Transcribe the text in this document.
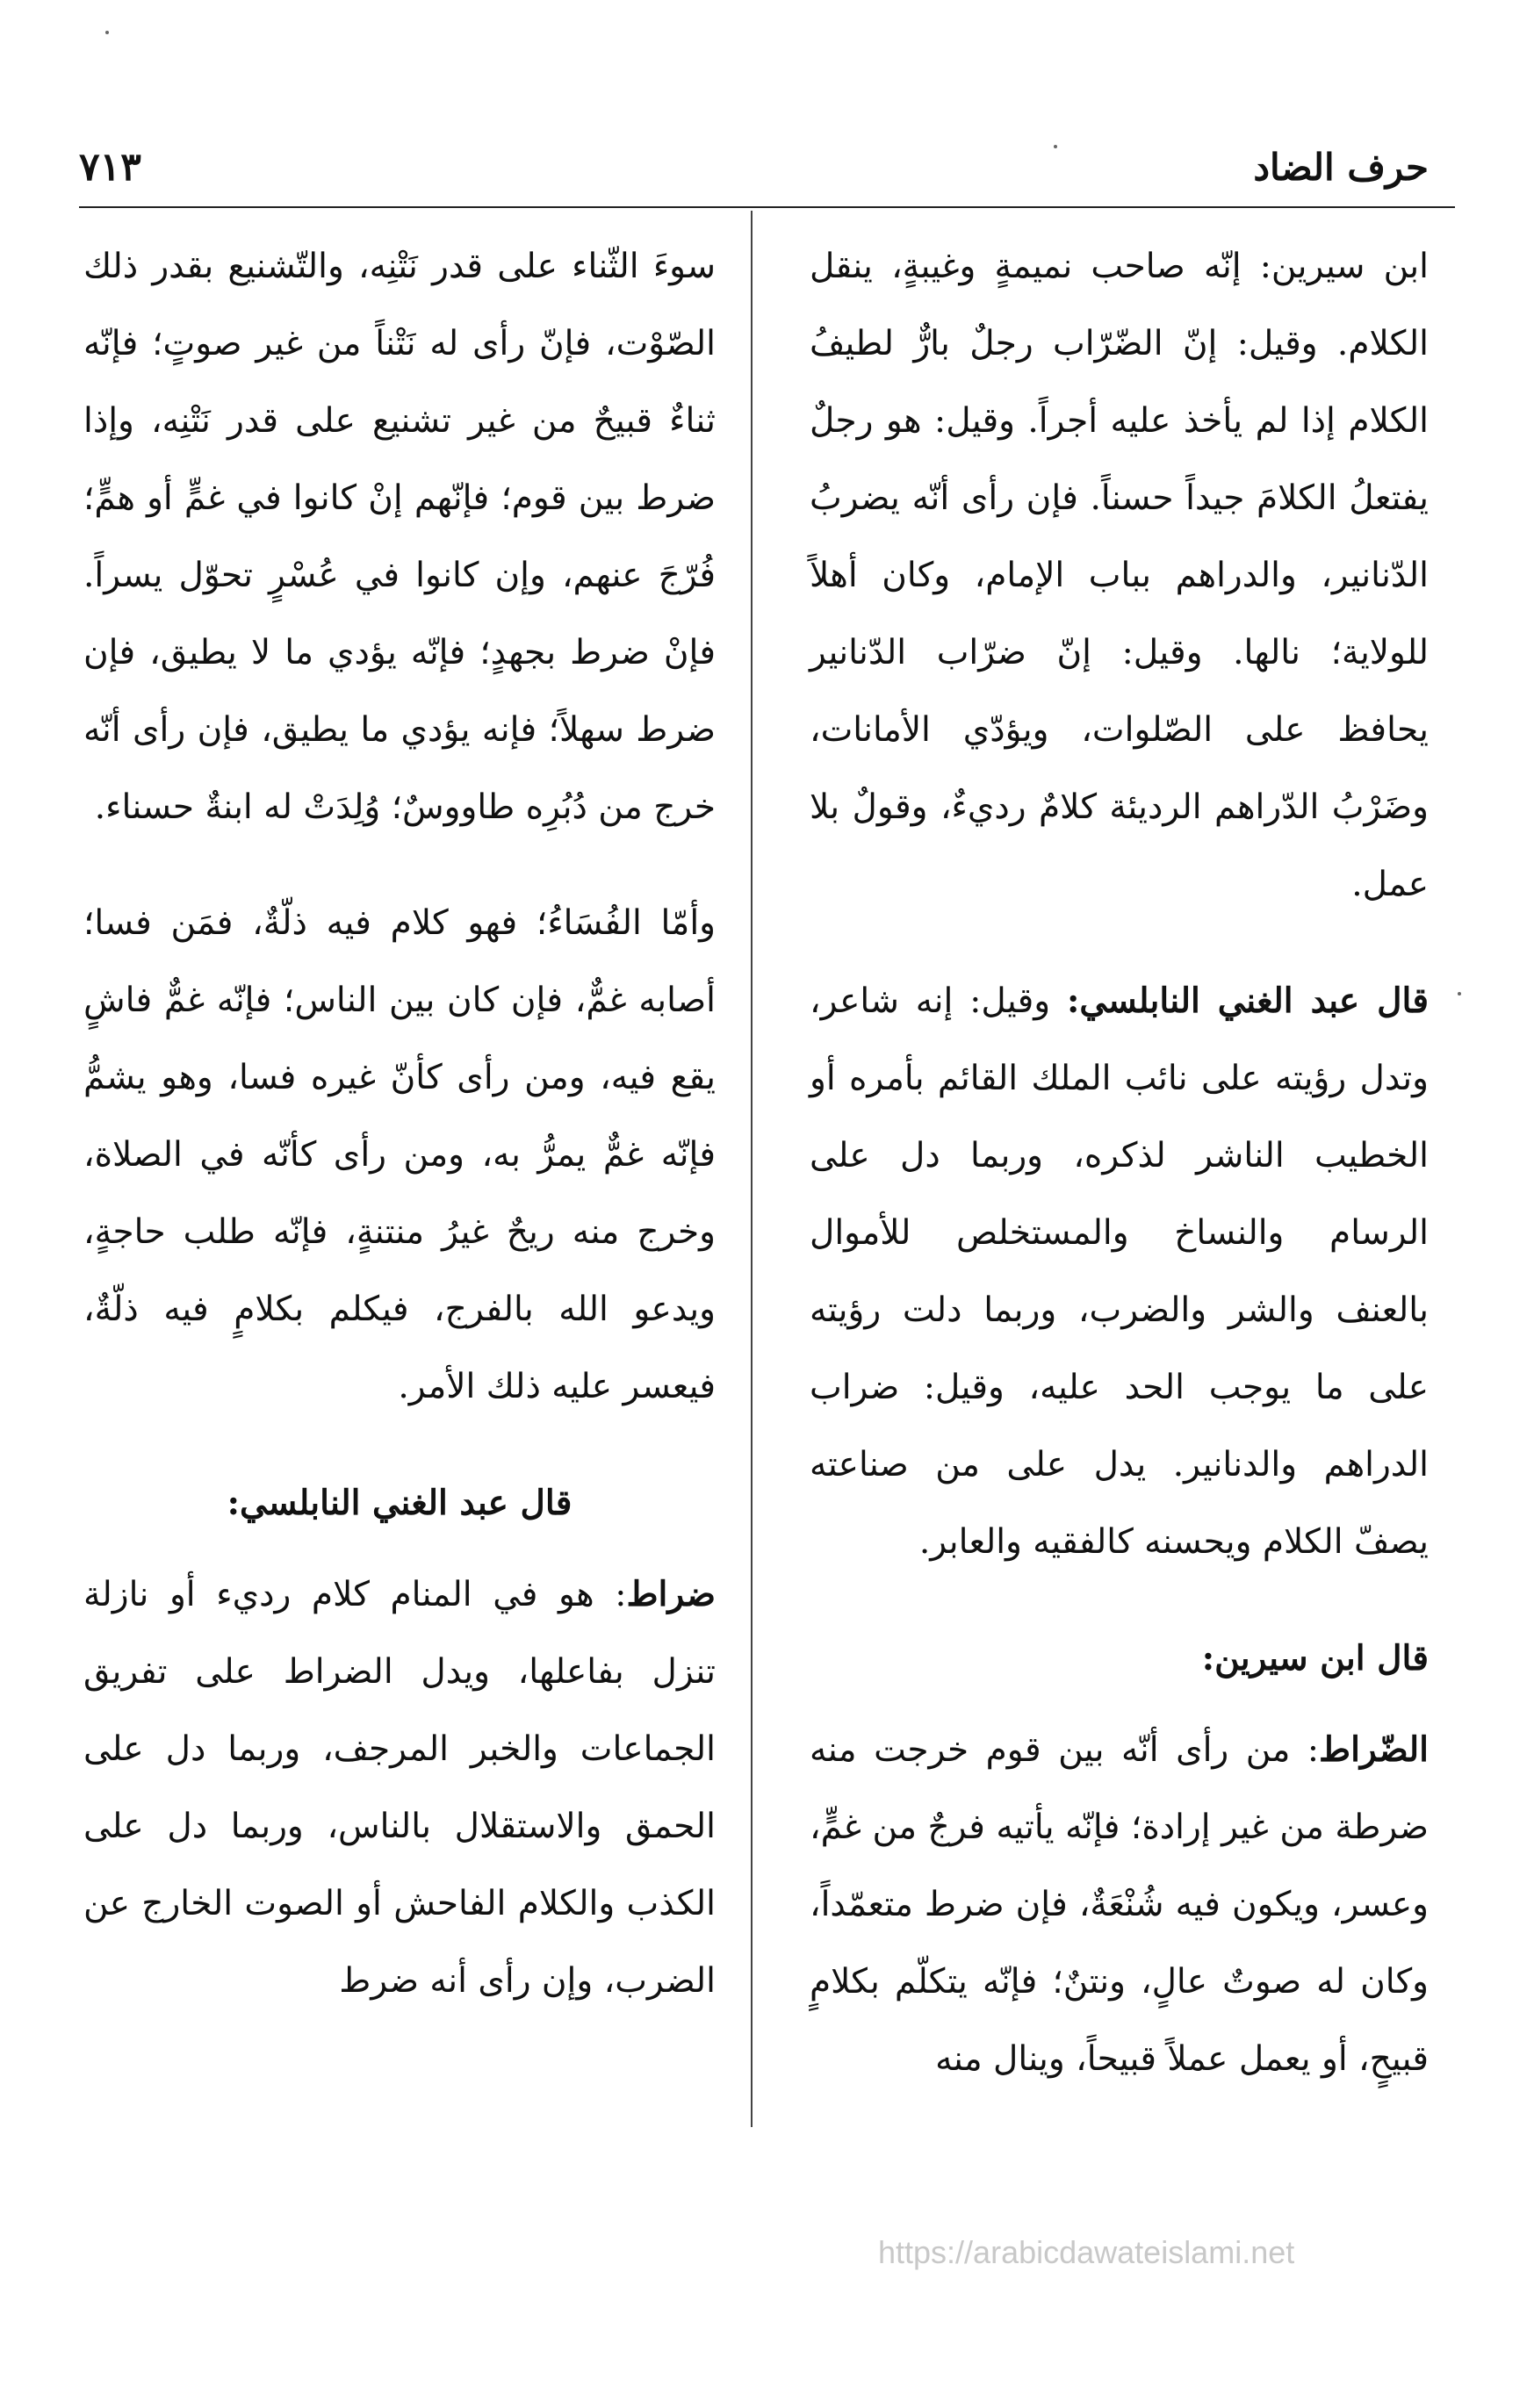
حرف الضاد
٧١٣

ابن سيرين: إنّه صاحب نميمةٍ وغيبةٍ، ينقل الكلام. وقيل: إنّ الضّرّاب رجلٌ بارٌّ لطيفُ الكلام إذا لم يأخذ عليه أجراً. وقيل: هو رجلٌ يفتعلُ الكلامَ جيداً حسناً. فإن رأى أنّه يضربُ الدّنانير، والدراهم بباب الإمام، وكان أهلاً للولاية؛ نالها. وقيل: إنّ ضرّاب الدّنانير يحافظ على الصّلوات، ويؤدّي الأمانات، وضَرْبُ الدّراهم الرديئة كلامٌ رديءٌ، وقولٌ بلا عمل.

قال عبد الغني النابلسي: وقيل: إنه شاعر، وتدل رؤيته على نائب الملك القائم بأمره أو الخطيب الناشر لذكره، وربما دل على الرسام والنساخ والمستخلص للأموال بالعنف والشر والضرب، وربما دلت رؤيته على ما يوجب الحد عليه، وقيل: ضراب الدراهم والدنانير. يدل على من صناعته يصفّ الكلام ويحسنه كالفقيه والعابر.

قال ابن سيرين:

الضّراط: من رأى أنّه بين قوم خرجت منه ضرطة من غير إرادة؛ فإنّه يأتيه فرجٌ من غمٍّ، وعسر، ويكون فيه شُنْعَةٌ، فإن ضرط متعمّداً، وكان له صوتٌ عالٍ، ونتنٌ؛ فإنّه يتكلّم بكلامٍ قبيحٍ، أو يعمل عملاً قبيحاً، وينال منه

سوءَ الثّناء على قدر نَتْنِه، والتّشنيع بقدر ذلك الصّوْت، فإنّ رأى له نَتْناً من غير صوتٍ؛ فإنّه ثناءٌ قبيحٌ من غير تشنيع على قدر نَتْنِه، وإذا ضرط بين قوم؛ فإنّهم إنْ كانوا في غمٍّ أو همٍّ؛ فُرّجَ عنهم، وإن كانوا في عُسْرٍ تحوّل يسراً. فإنْ ضرط بجهدٍ؛ فإنّه يؤدي ما لا يطيق، فإن ضرط سهلاً؛ فإنه يؤدي ما يطيق، فإن رأى أنّه خرج من دُبُرِه طاووسٌ؛ وُلِدَتْ له ابنةٌ حسناء.

وأمّا الفُسَاءُ؛ فهو كلام فيه ذلّةٌ، فمَن فسا؛ أصابه غمٌّ، فإن كان بين الناس؛ فإنّه غمٌّ فاشٍ يقع فيه، ومن رأى كأنّ غيره فسا، وهو يشمُّ فإنّه غمٌّ يمرُّ به، ومن رأى كأنّه في الصلاة، وخرج منه ريحٌ غيرُ منتنةٍ، فإنّه طلب حاجةٍ، ويدعو الله بالفرج، فيكلم بكلامٍ فيه ذلّةٌ، فيعسر عليه ذلك الأمر.

قال عبد الغني النابلسي:

ضراط: هو في المنام كلام رديء أو نازلة تنزل بفاعلها، ويدل الضراط على تفريق الجماعات والخبر المرجف، وربما دل على الحمق والاستقلال بالناس، وربما دل على الكذب والكلام الفاحش أو الصوت الخارج عن الضرب، وإن رأى أنه ضرط

https://arabicdawateislami.net
